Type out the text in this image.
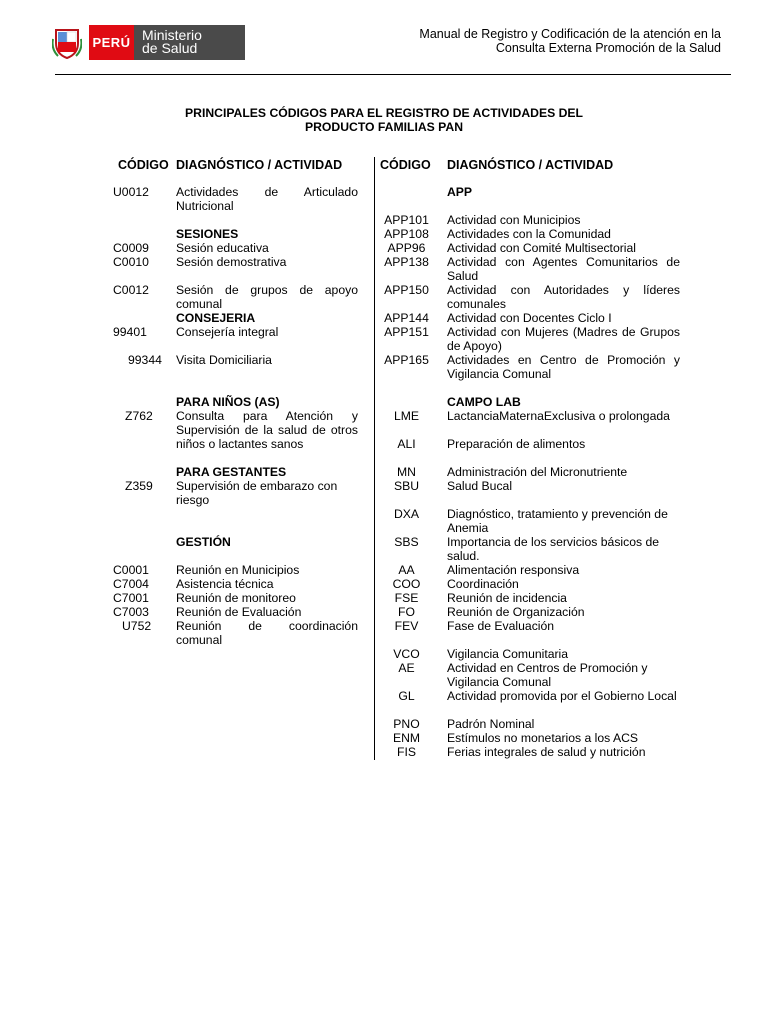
PERÚ Ministerio
de Salud
Manual de Registro y Codificación de la atención en la
Consulta Externa Promoción de la Salud
PRINCIPALES CÓDIGOS PARA EL REGISTRO DE ACTIVIDADES DEL
PRODUCTO FAMILIAS PAN
CÓDIGO DIAGNÓSTICO / ACTIVIDAD
U0012	Actividades de Articulado Nutricional
SESIONES
C0009	Sesión educativa
C0010	Sesión demostrativa
C0012	Sesión de grupos de apoyo comunal
CONSEJERIA
99401	Consejería integral
99344	Visita Domiciliaria
PARA NIÑOS (AS)
Z762	Consulta para Atención y Supervisión de la salud de otros niños o lactantes sanos
PARA GESTANTES
Z359	Supervisión de embarazo con riesgo
GESTIÓN
C0001	Reunión en Municipios
C7004	Asistencia técnica
C7001	Reunión de monitoreo
C7003	Reunión de Evaluación
U752	Reunión de coordinación comunal
CÓDIGO DIAGNÓSTICO / ACTIVIDAD
APP
APP101	Actividad con Municipios
APP108	Actividades con la Comunidad
APP96	Actividad con Comité Multisectorial
APP138	Actividad con Agentes Comunitarios de Salud
APP150	Actividad con Autoridades y líderes comunales
APP144	Actividad con Docentes Ciclo I
APP151	Actividad con Mujeres (Madres de Grupos de Apoyo)
APP165	Actividades en Centro de Promoción y Vigilancia Comunal
CAMPO LAB
LME	LactanciaMaternaExclusiva o prolongada
ALI	Preparación de alimentos
MN	Administración del Micronutriente
SBU	Salud Bucal
DXA	Diagnóstico, tratamiento y prevención de Anemia
SBS	Importancia de los servicios básicos de salud.
AA	Alimentación responsiva
COO	Coordinación
FSE	Reunión de incidencia
FO	Reunión de Organización
FEV	Fase de Evaluación
VCO	Vigilancia Comunitaria
AE	Actividad en Centros de Promoción y Vigilancia Comunal
GL	Actividad promovida por el Gobierno Local
PNO	Padrón Nominal
ENM	Estímulos no monetarios a los ACS
FIS	Ferias integrales de salud y nutrición
